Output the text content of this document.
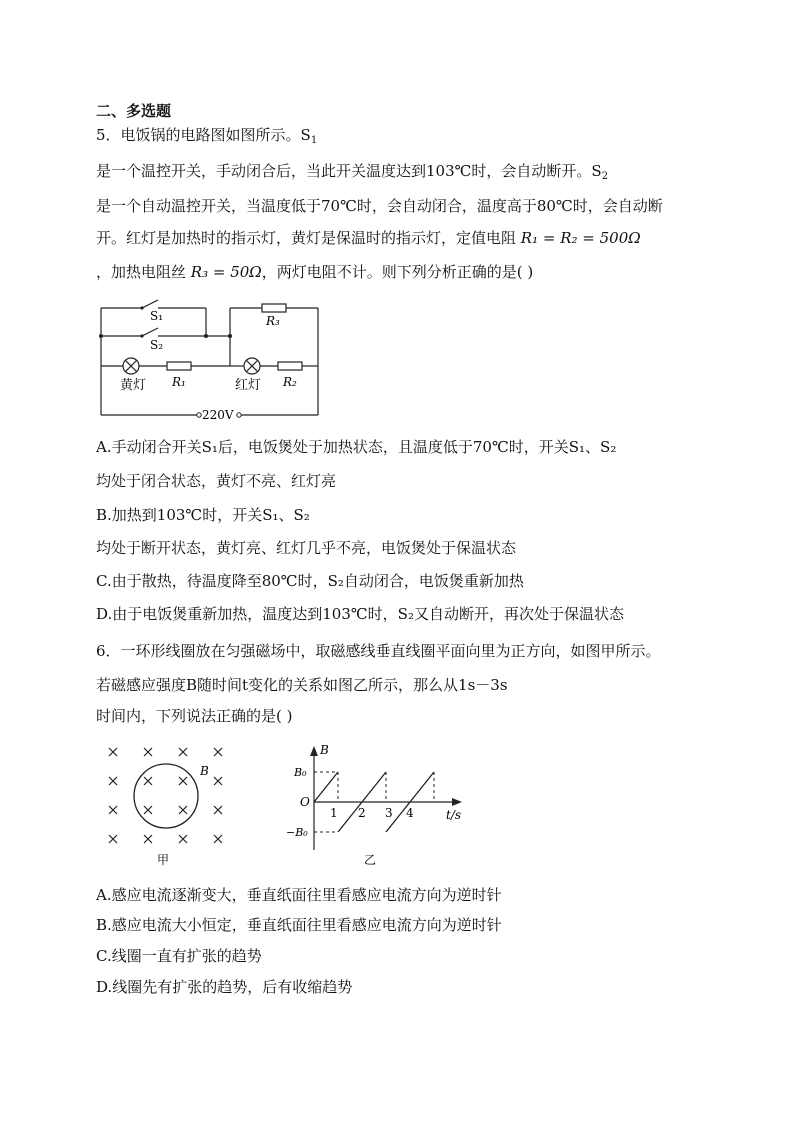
二、多选题
5．电饭锅的电路图如图所示。$S_1$
是一个温控开关，手动闭合后，当此开关温度达到103℃时，会自动断开。$S_2$
是一个自动温控开关，当温度低于70℃时，会自动闭合，温度高于80℃时，会自动断
开。红灯是加热时的指示灯，黄灯是保温时的指示灯，定值电阻 R₁ = R₂ = 500Ω
，加热电阻丝 R₃ = 50Ω，两灯电阻不计。则下列分析正确的是( )
S₁
S₂
R₃
黄灯 R₁	红灯 R₂
220V
A.手动闭合开关S₁后，电饭煲处于加热状态，且温度低于70℃时，开关S₁、S₂
均处于闭合状态，黄灯不亮、红灯亮
B.加热到103℃时，开关S₁、S₂
均处于断开状态，黄灯亮、红灯几乎不亮，电饭煲处于保温状态
C.由于散热，待温度降至80℃时，S₂自动闭合，电饭煲重新加热
D.由于电饭煲重新加热，温度达到103℃时，S₂又自动断开，再次处于保温状态
6．一环形线圈放在匀强磁场中，取磁感线垂直线圈平面向里为正方向，如图甲所示。
若磁感应强度B随时间t变化的关系如图乙所示，那么从1s－3s
时间内，下列说法正确的是( )
B
甲
B
B₀
O
−B₀
1 2 3 4	t/s
乙
A.感应电流逐渐变大，垂直纸面往里看感应电流方向为逆时针
B.感应电流大小恒定，垂直纸面往里看感应电流方向为逆时针
C.线圈一直有扩张的趋势
D.线圈先有扩张的趋势，后有收缩趋势
